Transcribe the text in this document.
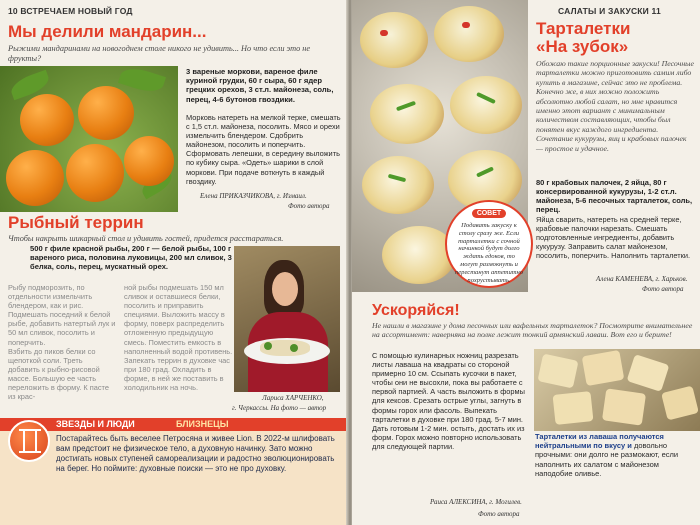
10 ВСТРЕЧАЕМ НОВЫЙ ГОД
Мы делили мандарин...
Рыжими мандаринами на новогоднем столе никого не удивить... Но что если это не фрукты?
3 вареные моркови, вареное филе куриной грудки, 60 г сыра, 60 г ядер грецких орехов, 3 ст.л. майонеза, соль, перец, 4-6 бутонов гвоздики.
Морковь натереть на мелкой терке, смешать с 1,5 ст.л. майонеза, посолить. Мясо и орехи измельчить блендером. Сдобрить майонезом, посолить и поперчить. Сформовать лепешки, в середину выложить по кубику сыра. «Одеть» шарики в слой моркови. При подаче воткнуть в каждый гвоздику.
Елена ПРИКАЗЧИКОВА, г. Измаил.
Фото автора
Рыбный террин
Чтобы накрыть шикарный стол и удивить гостей, придется расстараться.
500 г филе красной рыбы, 200 г — белой рыбы, 100 г вареного риса, половина луковицы, 200 мл сливок, 3 белка, соль, перец, мускатный орех.
Рыбу подморозить, по отдельности измельчить блендером, как и рис. Подмешать поседний к белой рыбе, добавить натертый лук и 50 мл сливок, посолить и поперчить.
Взбить до пиков белки со щепоткой соли. Треть добавить к рыбно-рисовой массе. Большую ее часть переложить в форму. К пасте из крас-
ной рыбы подмешать 150 мл сливок и оставшиеся белки, посолить и приправить специями. Выложить массу в форму, поверх распределить отложенную предыдущую смесь. Поместить емкость в наполненный водой противень. Запекать террин в духовке час при 180 град. Охладить в форме, в ней же поставить в холодильник на ночь.
Лариса ХАРЧЕНКО,
г. Черкассы. На фото — автор
ЗВЕЗДЫ И ЛЮДИ	БЛИЗНЕЦЫ
Постарайтесь быть веселее Петросяна и живее Lion. В 2022-м шлифовать вам предстоит не физическое тело, а духовную начинку. Зато можно достигать новых ступеней самореализации и радостно эволюционировать на берег. Но поймите: духовные поиски — это не про духовку.
САЛАТЫ И ЗАКУСКИ 11
СОВЕТ
Подавать закуску к столу сразу же. Если тарталетки с сочной начинкой будут долго ждать едоков, то могут размокнуть и перестанут аппетитно похрустывать.
Тарталетки
«На зубок»
Обожаю такие порционные закуски! Песочные тарталетки можно приготовить самим либо купить в магазине, сейчас это не проблема. Конечно же, в них можно положить абсолютно любой салат, но мне нравится именно этот вариант с минимальным количеством составляющих, чтобы был понятен вкус каждого ингредиента. Сочетание кукурузы, яиц и крабовых палочек — простое и удачное.
80 г крабовых палочек, 2 яйца, 80 г консервированной кукурузы, 1-2 ст.л. майонеза, 5-6 песочных тарталеток, соль, перец.
Яйца сварить, натереть на средней терке, крабовые палочки нарезать. Смешать подготовленные ингредиенты, добавить кукурузу. Заправить салат майонезом, посолить, поперчить. Наполнить тарталетки.
Алена КАМЕНЕВА, г. Харьков.
Фото автора
Ускоряйся!
Не нашли в магазине у дома песочных или вафельных тарталеток? Посмотрите внимательнее на ассортимент: наверняка на полке лежит тонкий армянский лаваш. Вот его и берите!
С помощью кулинарных ножниц разрезать листы лаваша на квадраты со стороной примерно 10 см. Ссыпать кусочки в пакет, чтобы они не высохли, пока вы работаете с первой партией. А часть выложить в формы для кексов. Срезать острые углы, загнуть в формы горох или фасоль. Выпекать тарталетки в духовке при 180 град. 5-7 мин. Дать готовым 1-2 мин. остыть, достать их из форм. Горох можно повторно использовать для следующей партии.
Раиса АЛЕКСИНА, г. Могилев.
Фото автора
Тарталетки из лаваша получаются нейтральными по вкусу и довольно прочными: они долго не размокают, если наполнить их салатом с майонезом наподобие оливье.
